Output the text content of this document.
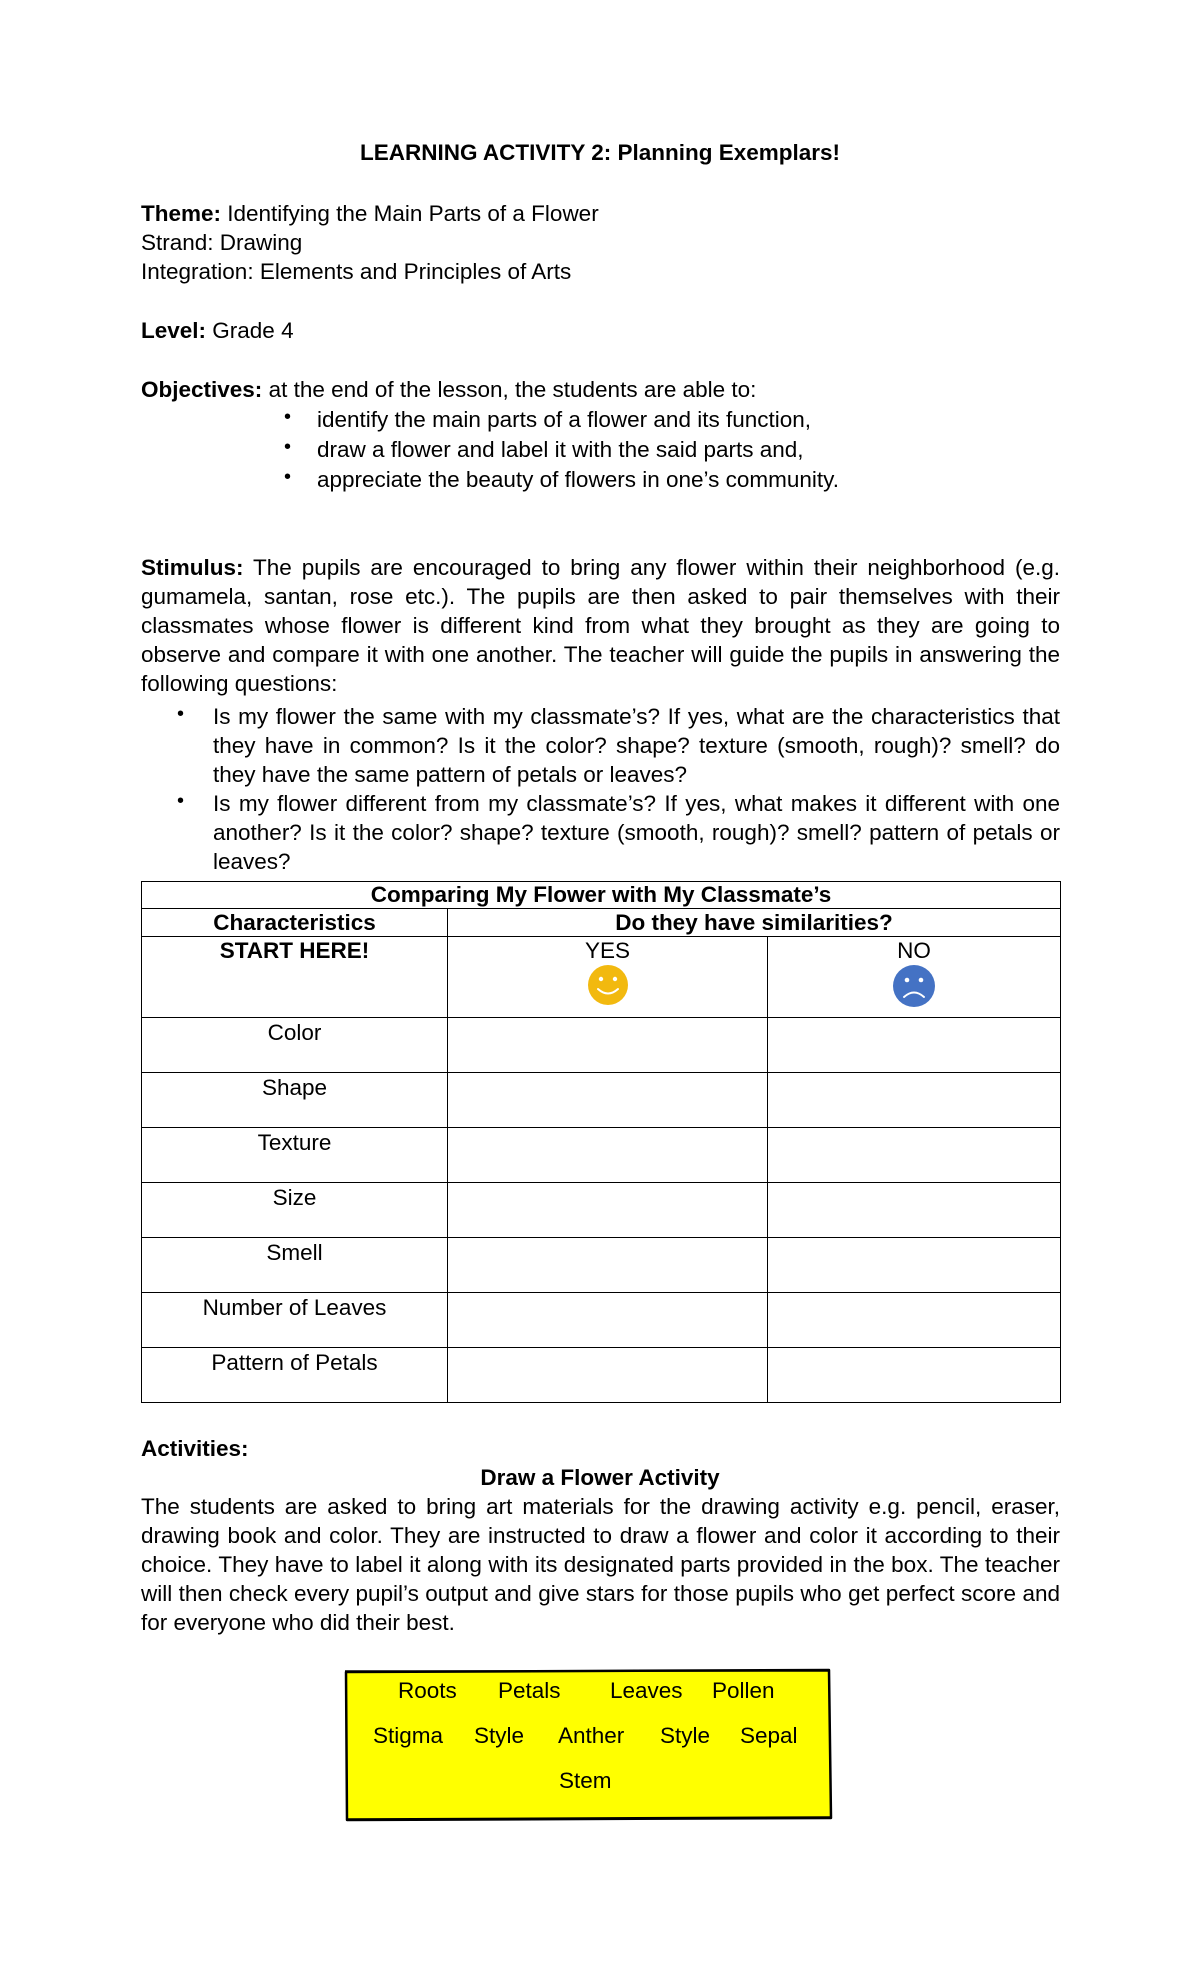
LEARNING ACTIVITY 2: Planning Exemplars!
Theme: Identifying the Main Parts of a Flower
Strand: Drawing
Integration: Elements and Principles of Arts
Level: Grade 4
Objectives: at the end of the lesson, the students are able to:
• identify the main parts of a flower and its function,
• draw a flower and label it with the said parts and,
• appreciate the beauty of flowers in one’s community.
Stimulus: The pupils are encouraged to bring any flower within their neighborhood (e.g. gumamela, santan, rose etc.). The pupils are then asked to pair themselves with their classmates whose flower is different kind from what they brought as they are going to observe and compare it with one another. The teacher will guide the pupils in answering the following questions:
• Is my flower the same with my classmate’s? If yes, what are the characteristics that they have in common? Is it the color? shape? texture (smooth, rough)? smell? do they have the same pattern of petals or leaves?
• Is my flower different from my classmate’s? If yes, what makes it different with one another? Is it the color? shape? texture (smooth, rough)? smell? pattern of petals or leaves?
Comparing My Flower with My Classmate’s		
Characteristics	Do they have similarities?	
START HERE!	YES	NO

Color		
Shape		
Texture		
Size		
Smell		
Number of Leaves		
Pattern of Petals		
Activities:
Draw a Flower Activity
The students are asked to bring art materials for the drawing activity e.g. pencil, eraser, drawing book and color. They are instructed to draw a flower and color it according to their choice. They have to label it along with its designated parts provided in the box. The teacher will then check every pupil’s output and give stars for those pupils who get perfect score and for everyone who did their best.
Roots Petals Leaves Pollen
Stigma Style Anther Style Sepal
Stem
